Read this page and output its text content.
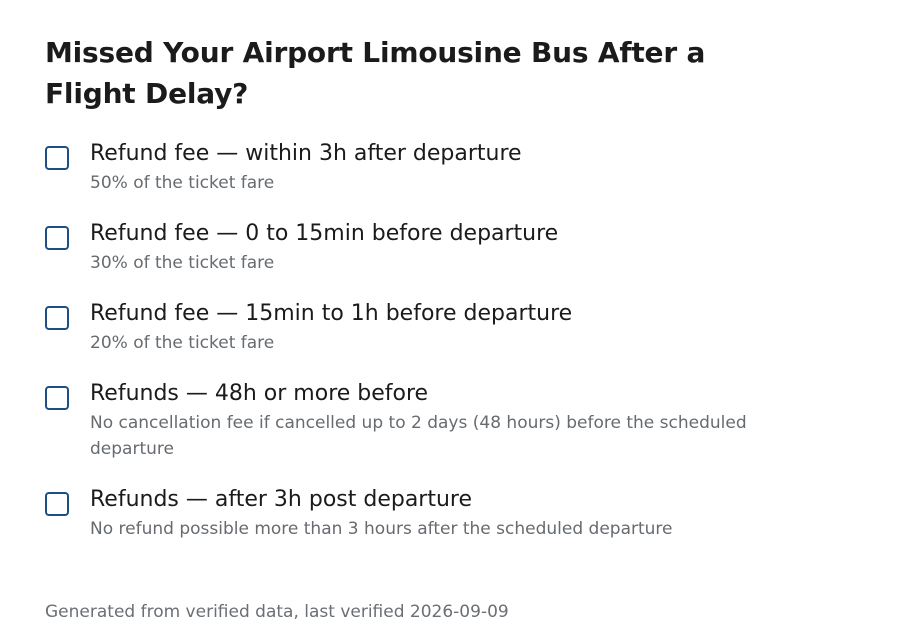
Missed Your Airport Limousine Bus After a Flight Delay?
Refund fee — within 3h after departure
50% of the ticket fare
Refund fee — 0 to 15min before departure
30% of the ticket fare
Refund fee — 15min to 1h before departure
20% of the ticket fare
Refunds — 48h or more before
No cancellation fee if cancelled up to 2 days (48 hours) before the scheduled departure
Refunds — after 3h post departure
No refund possible more than 3 hours after the scheduled departure
Generated from verified data, last verified 2026-09-09
